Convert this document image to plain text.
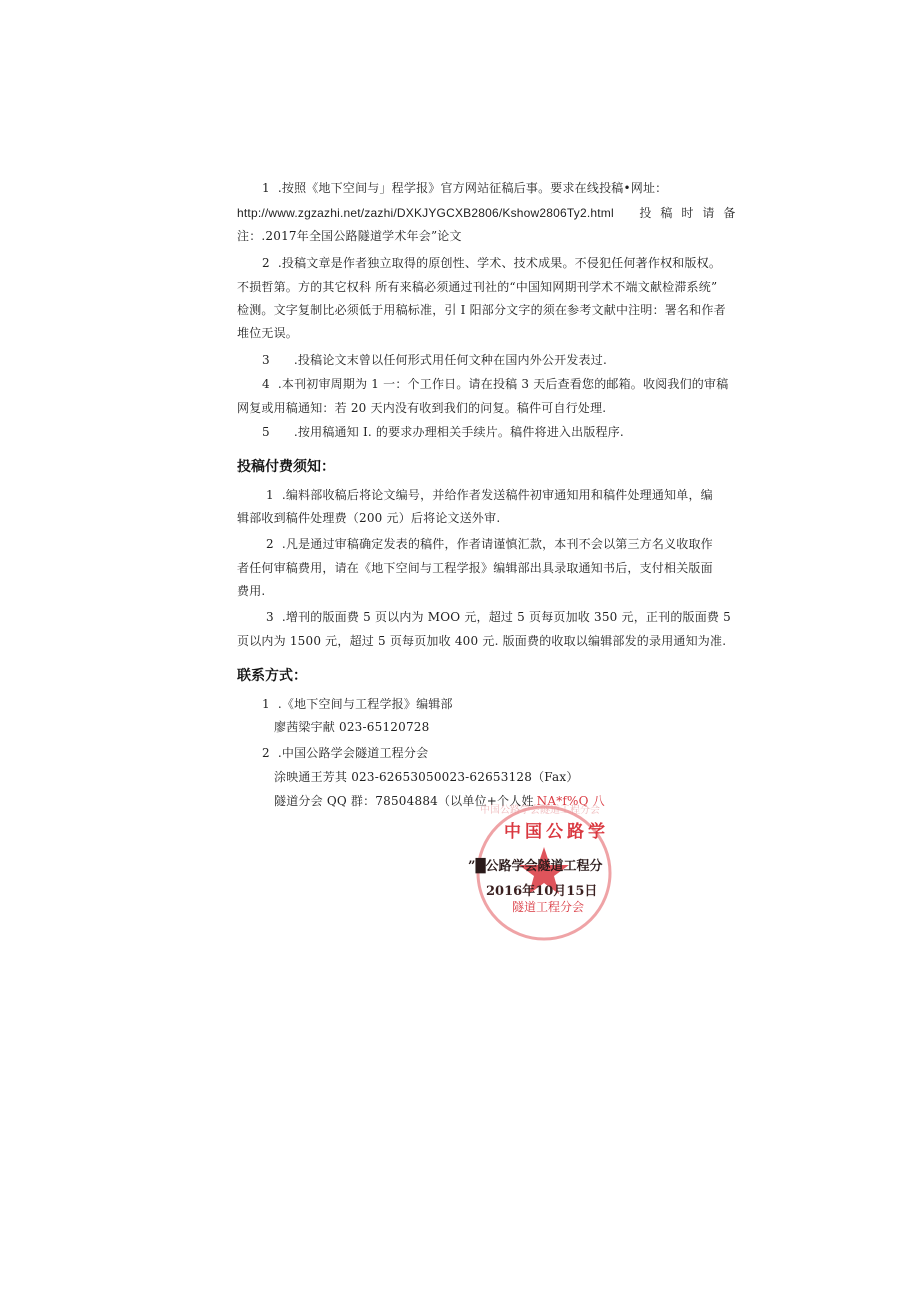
1  .按照《地下空间与」程学报》官方网站征稿后事。要求在线投稿•网址：
http://www.zgzazhi.net/zazhi/DXKJYGCXB2806/Kshow2806Ty2.html 投稿时请备
注：.2017年全国公路隧道学术年会”论文
2  .投稿文章是作者独立取得的原创性、学术、技术成果。不侵犯任何著作权和版权。
不损哲第。方的其它权科 所有来稿必须通过刊社的“中国知网期刊学术不端文献检滞系统”
检测。文字复制比必须低于用稿标准，引 I 阳部分文字的须在参考文献中注明：署名和作者
堆位无误。
3      .投稿论文末曾以任何形式用任何文种在国内外公开发表过.
4  .本刊初审周期为 1 一：个工作日。请在投稿 3 天后查看您的邮箱。收阅我们的审稿
网复或用稿通知：若 20 天内没有收到我们的问复。稿件可自行处理.
5      .按用稿通知 I. 的要求办理相关手续片。稿件将进入出版程序.
投稿付费须知：
1  .编料部收稿后将论文编号，并给作者发送稿件初审通知用和稿件处理通知单，编
辑部收到稿件处理费（200 元）后将论文送外审.
2  .凡是通过审稿确定发表的稿件，作者请谨慎汇款，本刊不会以第三方名义收取作
者任何审稿费用，请在《地下空间与工程学报》编辑部出具录取通知书后，支付相关版面
费用.
3  .增刊的版面费 5 页以内为 MOO 元，超过 5 页每页加收 350 元，正刊的版面费 5
页以内为 1500 元，超过 5 页每页加收 400 元. 版面费的收取以编辑部发的录用通知为准.
联系方式：
1  .《地下空间与工程学报》编辑部
廖茜梁宇献 023-65120728
2  .中国公路学会隧道工程分会
涂映通王芳其 023-62653050023-62653128（Fax）
隧道分会 QQ 群：78504884（以单位+个人姓 NA*f%Q 八
中国公路学会隧道工程分会
中国公路学
”█公路学会隧道工程分
2016年10月15日
隧道工程分会
